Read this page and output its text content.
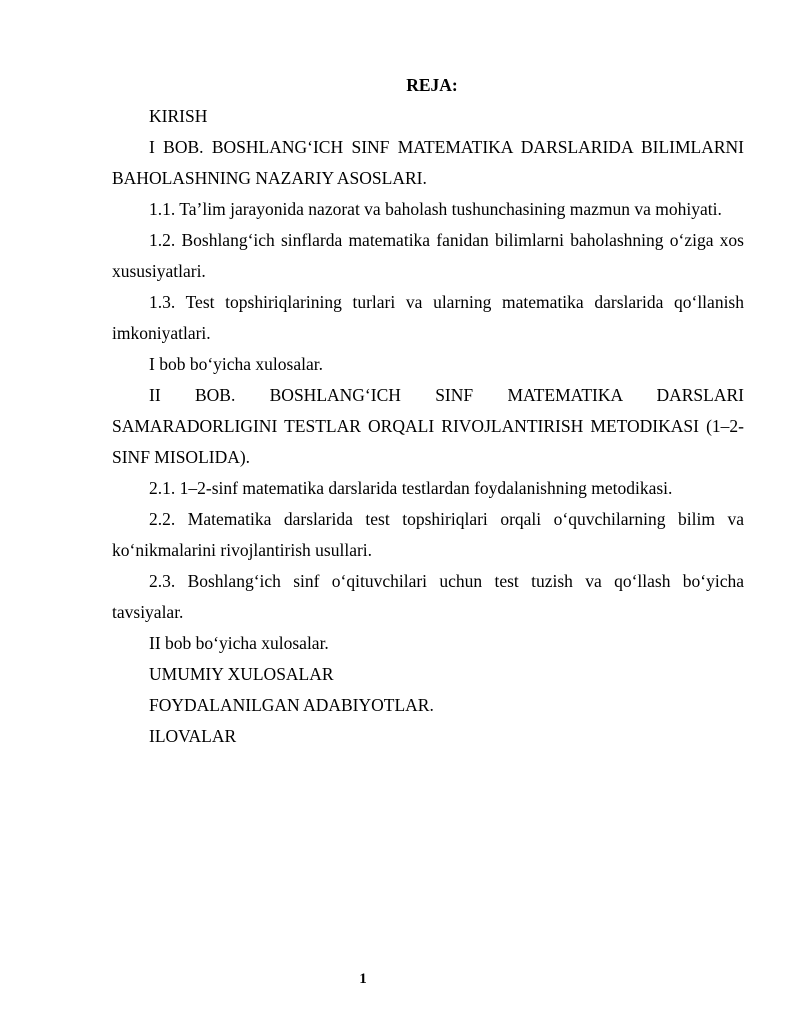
REJA:

KIRISH

I BOB. BOSHLANG‘ICH SINF MATEMATIKA DARSLARIDA BILIMLARNI BAHOLASHNING NAZARIY ASOSLARI.

1.1. Ta’lim jarayonida nazorat va baholash tushunchasining mazmun va mohiyati.

1.2. Boshlang‘ich sinflarda matematika fanidan bilimlarni baholashning o‘ziga xos xususiyatlari.

1.3. Test topshiriqlarining turlari va ularning matematika darslarida qo‘llanish imkoniyatlari.

I bob bo‘yicha xulosalar.

II BOB. BOSHLANG‘ICH SINF MATEMATIKA DARSLARI SAMARADORLIGINI TESTLAR ORQALI RIVOJLANTIRISH METODIKASI (1–2-SINF MISOLIDA).

2.1. 1–2-sinf matematika darslarida testlardan foydalanishning metodikasi.

2.2. Matematika darslarida test topshiriqlari orqali o‘quvchilarning bilim va ko‘nikmalarini rivojlantirish usullari.

2.3. Boshlang‘ich sinf o‘qituvchilari uchun test tuzish va qo‘llash bo‘yicha tavsiyalar.

II bob bo‘yicha xulosalar.

UMUMIY XULOSALAR

FOYDALANILGAN ADABIYOTLAR.

ILOVALAR

1
